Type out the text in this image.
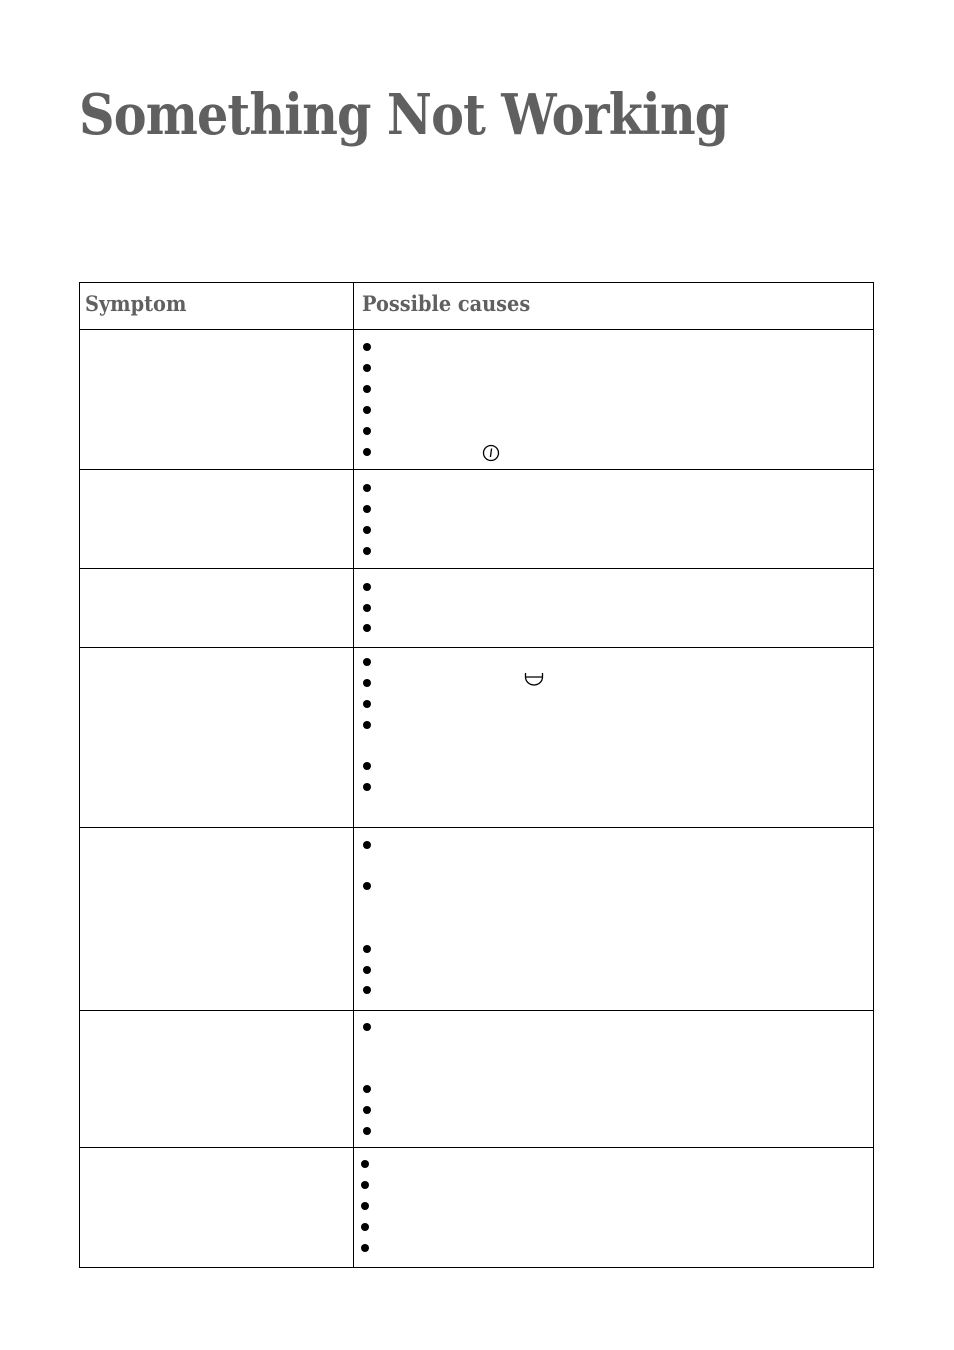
Something Not Working
Symptom	Possible causes
